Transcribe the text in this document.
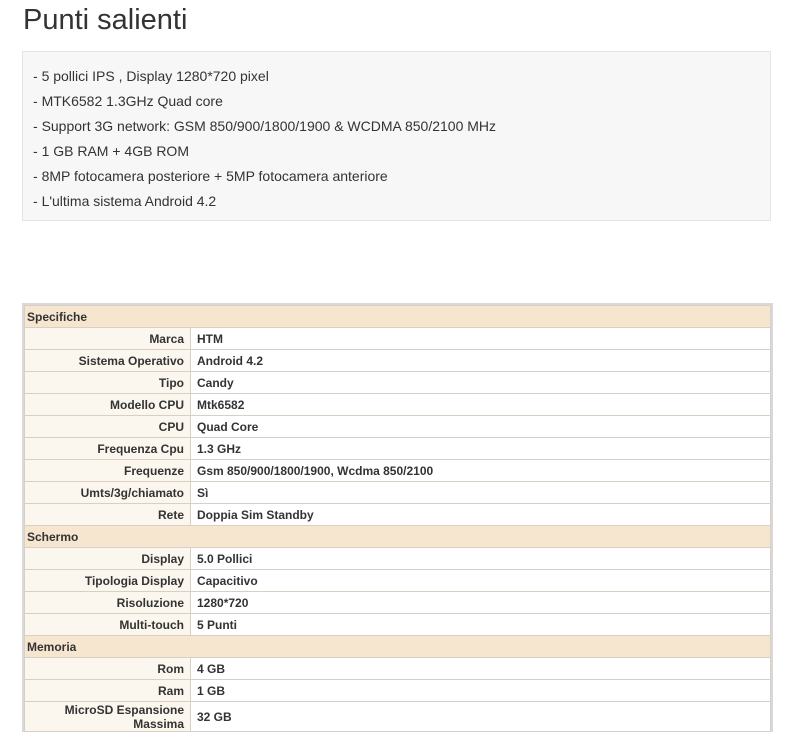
Punti salienti
- 5 pollici IPS , Display 1280*720 pixel
- MTK6582 1.3GHz Quad core
- Support 3G network: GSM 850/900/1800/1900 & WCDMA 850/2100 MHz
- 1 GB RAM + 4GB ROM
- 8MP fotocamera posteriore + 5MP fotocamera anteriore
- L'ultima sistema Android 4.2
Specifiche	
Marca	HTM
Sistema Operativo	Android 4.2
Tipo	Candy
Modello CPU	Mtk6582
CPU	Quad Core
Frequenza Cpu	1.3 GHz
Frequenze	Gsm 850/900/1800/1900, Wcdma 850/2100
Umts/3g/chiamato	Sì
Rete	Doppia Sim Standby
Schermo	
Display	5.0 Pollici
Tipologia Display	Capacitivo
Risoluzione	1280*720
Multi-touch	5 Punti
Memoria	
Rom	4 GB
Ram	1 GB
MicroSD Espansione Massima	32 GB
